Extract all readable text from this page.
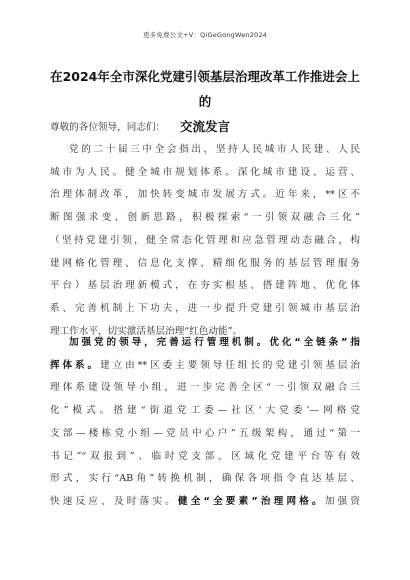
更多免费公文+V：QiGeGongWen2024
在2024年全市深化党建引领基层治理改革工作推进会上的
交流发言
尊敬的各位领导，同志们：
党的二十届三中全会指出，坚持人民城市人民建、人民
城市为人民。健全城市规划体系。深化城市建设、运营、
治理体制改革，加快转变城市发展方式。近年来，**区不
断图强求变、创新思路，积极探索“一引领双融合三化”
（坚持党建引领，健全常态化管理和应急管理动态融合，构
建网格化管理、信息化支撑、精细化服务的基层管理服务
平台）基层治理新模式，在夯实根基、搭建阵地、优化体
系、完善机制上下功夫，进一步提升党建引领城市基层治
理工作水平，切实激活基层治理“红色动能”。
加强党的领导，完善运行管理机制。优化“全链条”指
挥体系。建立由**区委主要领导任组长的党建引领基层治
理体系建设领导小组，进一步完善全区“一引领双融合三
化”模式。搭建“街道党工委—社区‘大党委’—网格党
支部—楼栋党小组—党员中心户”五级架构，通过“第一
书记”“双报到”、临时党支部、区域化党建平台等有效
形式，实行“AB角”转换机制，确保各项指令直达基层、
快速反应、及时落实。健全“全要素”治理网格。加强资
